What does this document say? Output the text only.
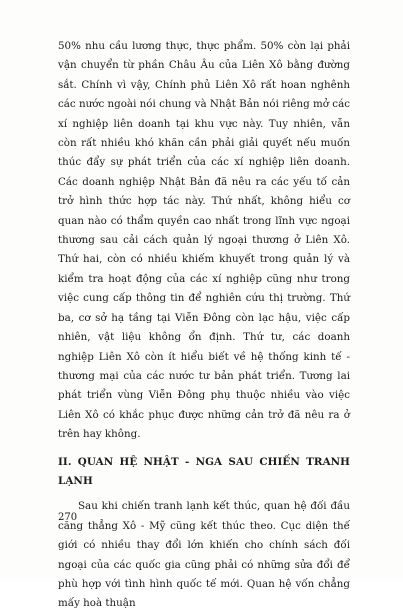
50% nhu cầu lương thực, thực phẩm. 50% còn lại phải vận chuyển từ phần Châu Âu của Liên Xô bằng đường sắt. Chính vì vậy, Chính phủ Liên Xô rất hoan nghênh các nước ngoài nói chung và Nhật Bản nói riêng mở các xí nghiệp liên doanh tại khu vực này. Tuy nhiên, vẫn còn rất nhiều khó khăn cần phải giải quyết nếu muốn thúc đẩy sự phát triển của các xí nghiệp liên doanh. Các doanh nghiệp Nhật Bản đã nêu ra các yếu tố cản trở hình thức hợp tác này. Thứ nhất, không hiểu cơ quan nào có thẩm quyền cao nhất trong lĩnh vực ngoại thương sau cải cách quản lý ngoại thương ở Liên Xô. Thứ hai, còn có nhiều khiếm khuyết trong quản lý và kiểm tra hoạt động của các xí nghiệp cũng như trong việc cung cấp thông tin để nghiên cứu thị trường. Thứ ba, cơ sở hạ tầng tại Viễn Đông còn lạc hậu, việc cấp nhiên, vật liệu không ổn định. Thứ tư, các doanh nghiệp Liên Xô còn ít hiểu biết về hệ thống kinh tế - thương mại của các nước tư bản phát triển. Tương lai phát triển vùng Viễn Đông phụ thuộc nhiều vào việc Liên Xô có khắc phục được những cản trở đã nêu ra ở trên hay không.

II. QUAN HỆ NHẬT - NGA SAU CHIẾN TRANH LẠNH

Sau khi chiến tranh lạnh kết thúc, quan hệ đối đầu căng thẳng Xô - Mỹ cũng kết thúc theo. Cục diện thế giới có nhiều thay đổi lớn khiến cho chính sách đối ngoại của các quốc gia cũng phải có những sửa đổi để phù hợp với tình hình quốc tế mới. Quan hệ vốn chẳng mấy hoà thuận

270
